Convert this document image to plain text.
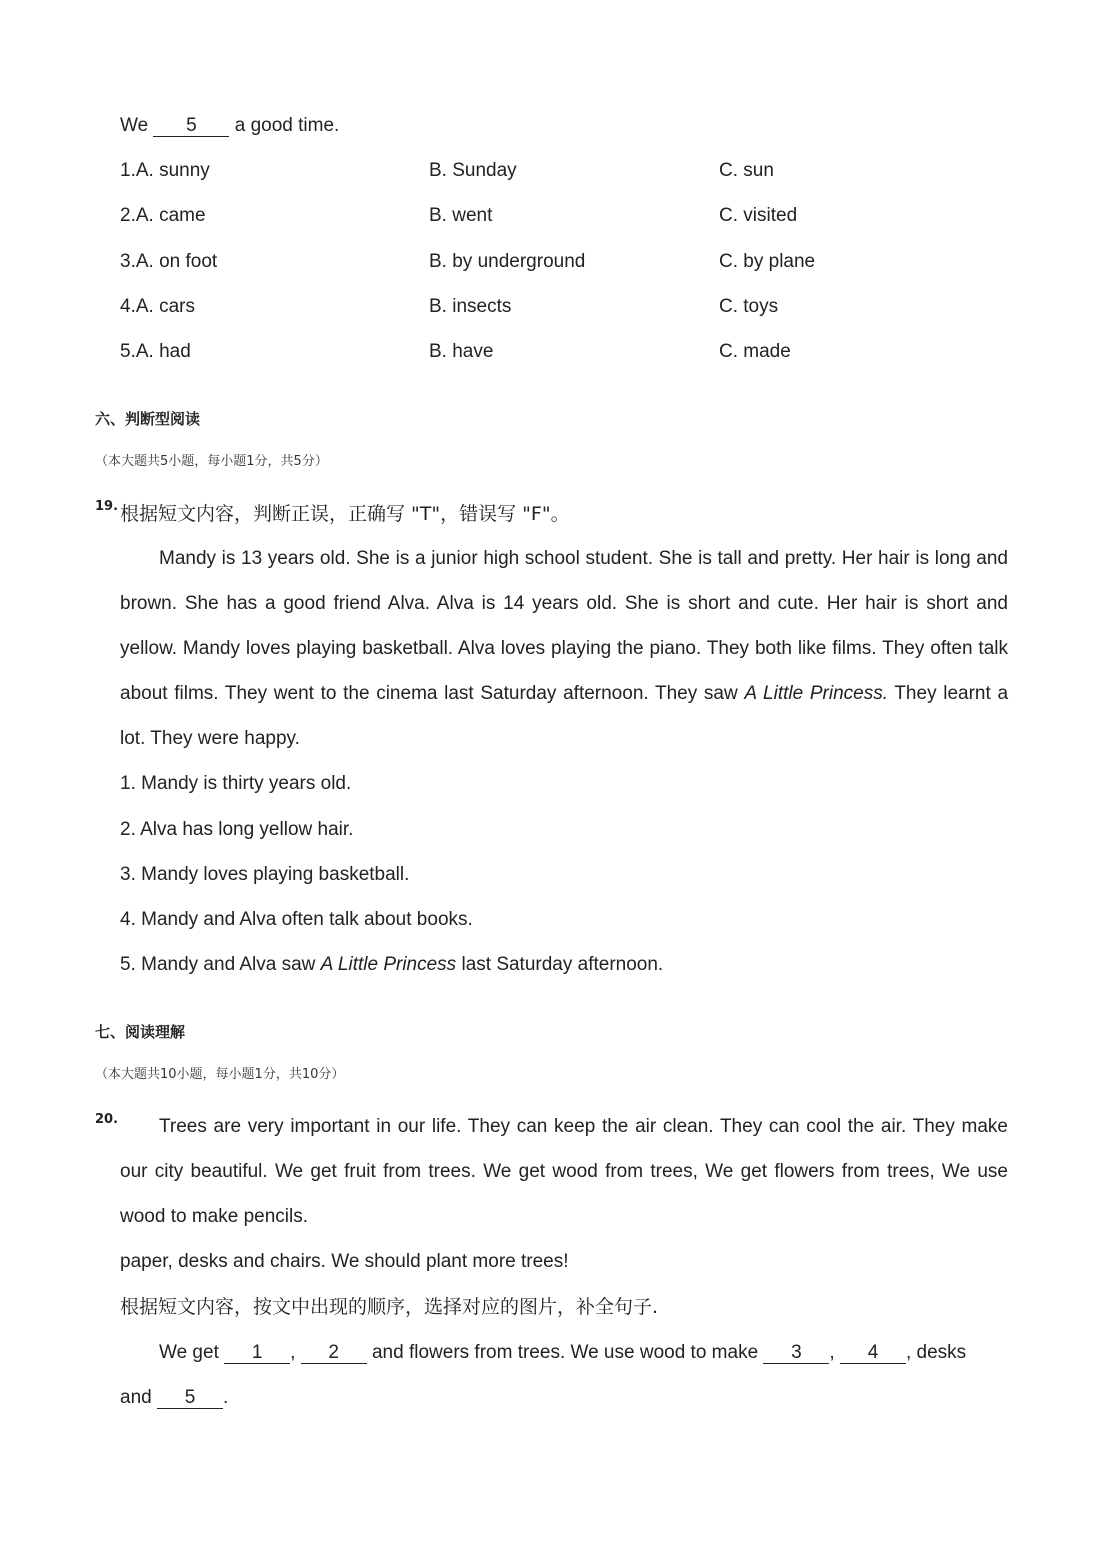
We 5 a good time.
1.A. sunny	B. Sunday	C. sun
2.A. came	B. went	C. visited
3.A. on foot	B. by underground	C. by plane
4.A. cars	B. insects	C. toys
5.A. had	B. have	C. made
六、判断型阅读
（本大题共5小题，每小题1分，共5分）
19. 根据短文内容，判断正误，正确写 "T"，错误写 "F"。
Mandy is 13 years old. She is a junior high school student. She is tall and pretty. Her hair is long and brown. She has a good friend Alva. Alva is 14 years old. She is short and cute. Her hair is short and yellow. Mandy loves playing basketball. Alva loves playing the piano. They both like films. They often talk about films. They went to the cinema last Saturday afternoon. They saw A Little Princess. They learnt a lot. They were happy.
1. Mandy is thirty years old.
2. Alva has long yellow hair.
3. Mandy loves playing basketball.
4. Mandy and Alva often talk about books.
5. Mandy and Alva saw A Little Princess last Saturday afternoon.
七、阅读理解
（本大题共10小题，每小题1分，共10分）
20.	Trees are very important in our life. They can keep the air clean. They can cool the air. They make our city beautiful. We get fruit from trees. We get wood from trees, We get flowers from trees, We use wood to make pencils.
paper, desks and chairs. We should plant more trees!
根据短文内容，按文中出现的顺序，选择对应的图片，补全句子.
We get 1 , 2 and flowers from trees. We use wood to make 3 , 4 , desks
and 5 .
